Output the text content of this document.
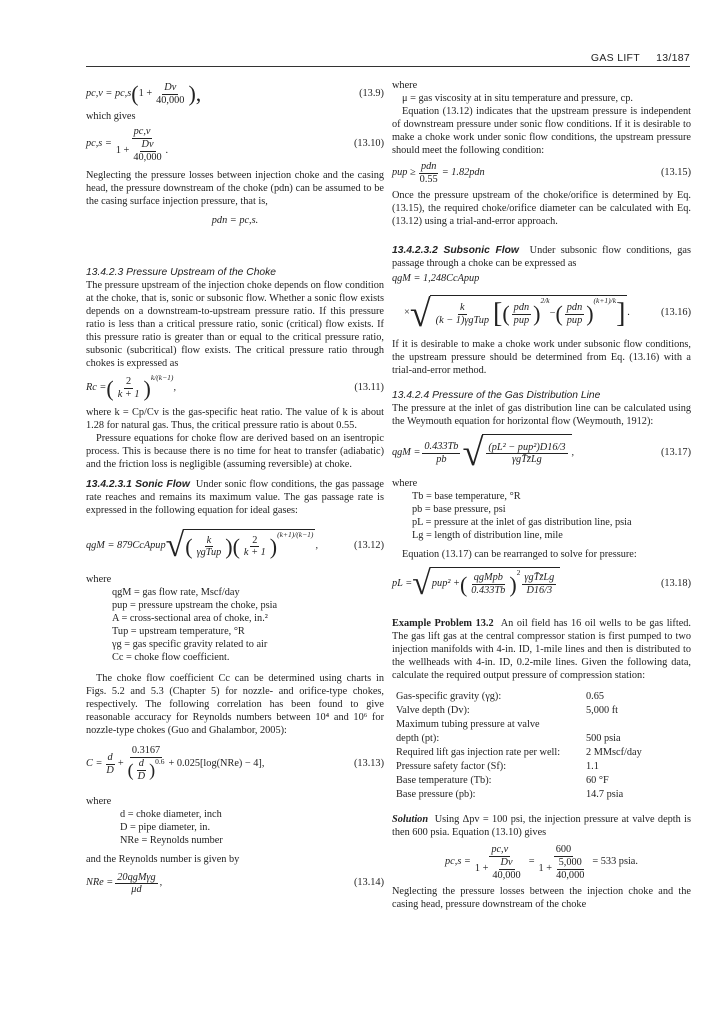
GAS LIFT 13/187
pc,v = pc,s ( $1 + \frac{Dv}{40,000}$ ),	(13.9)

which gives

$pc,s = \frac{pc,v}{1 + \frac{Dv}{40,000} .}$	(13.10)

Neglecting the pressure losses between injection choke and the casing head, the pressure downstream of the choke (pdn) can be assumed to be the casing surface injection pressure, that is,

pdn = pc,s.

13.4.2.3 Pressure Upstream of the Choke

The pressure upstream of the injection choke depends on flow condition at the choke, that is, sonic or subsonic flow. Whether a sonic flow exists depends on a downstream-to-upstream pressure ratio. If this pressure ratio is less than a critical pressure ratio, sonic (critical) flow exists. If this pressure ratio is greater than or equal to the critical pressure ratio, subsonic (subcritical) flow exists. The critical pressure ratio through chokes is expressed as

Rc = ( $\frac{2}{k + 1} )^{k/(k-1)}$
,	(13.11)

where k = Cp/Cv is the gas-specific heat ratio. The value of k is about 1.28 for natural gas. Thus, the critical pressure ratio is about 0.55.

Pressure equations for choke flow are derived based on an isentropic process. This is because there is no time for heat to transfer (adiabatic) and the friction loss is negligible (assuming reversible) at choke.

13.4.2.3.1 Sonic Flow Under sonic flow conditions, the gas passage rate reaches and remains its maximum value. The gas passage rate is expressed in the following equation for ideal gases:

qgM = 879CcApup √ ( $\frac{k}{\text{γgTup}}$ )( $\frac{2}{k + 1} )^{(k+1)/(k-1)}$
,	(13.12)

where

qgM = gas flow rate, Mscf/day
pup = pressure upstream the choke, psia
A = cross-sectional area of choke, in.²
Tup = upstream temperature, °R
γg = gas specific gravity related to air
Cc = choke flow coefficient.

The choke flow coefficient Cc can be determined using charts in Figs. 5.2 and 5.3 (Chapter 5) for nozzle- and orifice-type chokes, respectively. The following correlation has been found to give reasonable accuracy for Reynolds numbers between 10⁴ and 10⁶ for nozzle-type chokes (Guo and Ghalambor, 2005):

$C = \frac{d}{D} + \frac{0.3167}{( \frac{d}{D} )^{0.6}} + 0.025[\log(NRe) - 4]$,	(13.13)

where

d = choke diameter, inch
D = pipe diameter, in.
NRe = Reynolds number

and the Reynolds number is given by

NRe = $\frac{\text{20qgMγg}}{\mu d}$ ,	(13.14)

where

μ = gas viscosity at in situ temperature and pressure, cp.

Equation (13.12) indicates that the upstream pressure is independent of downstream pressure under sonic flow conditions. If it is desirable to make a choke work under sonic flow conditions, the upstream pressure should meet the following condition:

pup ≥ $\frac{\text{pdn}}{0.55} = 1.82pdn$	(13.15)

Once the pressure upstream of the choke/orifice is determined by Eq. (13.15), the required choke/orifice diameter can be calculated with Eq. (13.12) using a trial-and-error approach.

13.4.2.3.2 Subsonic Flow Under subsonic flow conditions, gas passage through a choke can be expressed as

qgM = 1,248CcApup
× √ $\frac{k}{\text{(k − 1)γgTup}}$ [ ( $\frac{\text{pdn}}{\text{pup}}$ )
$^{2/k}$
− ( $\frac{\text{pdn}}{\text{pup}}$ )
$^{(k+1)/k}$ ] .	(13.16)

If it is desirable to make a choke work under subsonic flow conditions, the upstream pressure should be determined from Eq. (13.16) with a trial-and-error method.

13.4.2.4 Pressure of the Gas Distribution Line

The pressure at the inlet of gas distribution line can be calculated using the Weymouth equation for horizontal flow (Weymouth, 1912):

qgM = $\frac{0.433Tb}{pb}$ √ $\frac{\text{(pL² − pup²)D16/3}}{\text{γgT̄z̄Lg}}$ ,	(13.17)

where

Tb = base temperature, °R
pb = base pressure, psi
pL = pressure at the inlet of gas distribution line, psia
Lg = length of distribution line, mile

Equation (13.17) can be rearranged to solve for pressure:

pL = √ pup² + ( $\frac{\text{qgMpb}}{0.433Tb} )^2 \frac{\text{γgT̄z̄Lg}}{D16/3}$	(13.18)

Example Problem 13.2 An oil field has 16 oil wells to be gas lifted. The gas lift gas at the central compressor station is first pumped to two injection manifolds with 4-in. ID, 1-mile lines and then is distributed to the wellheads with 4-in. ID, 0.2-mile lines. Given the following data, calculate the required output pressure of compression station:

Gas-specific gravity (γg):	0.65
Valve depth (Dv):	5,000 ft
Maximum tubing pressure at valve
depth (pt):	500 psia
Required lift gas injection rate per well:	2 MMscf/day
Pressure safety factor (Sf):	1.1
Base temperature (Tb):	60 °F
Base pressure (pb):	14.7 psia

Solution Using Δpv = 100 psi, the injection pressure at valve depth is then 600 psia. Equation (13.10) gives

$pc,s = \frac{pc,v}{1 + \frac{Dv}{40,000}} = \frac{600}{1 + \frac{5,000}{40,000}} = 533$ psia.

Neglecting the pressure losses between the injection choke and the casing head, pressure downstream of the choke
